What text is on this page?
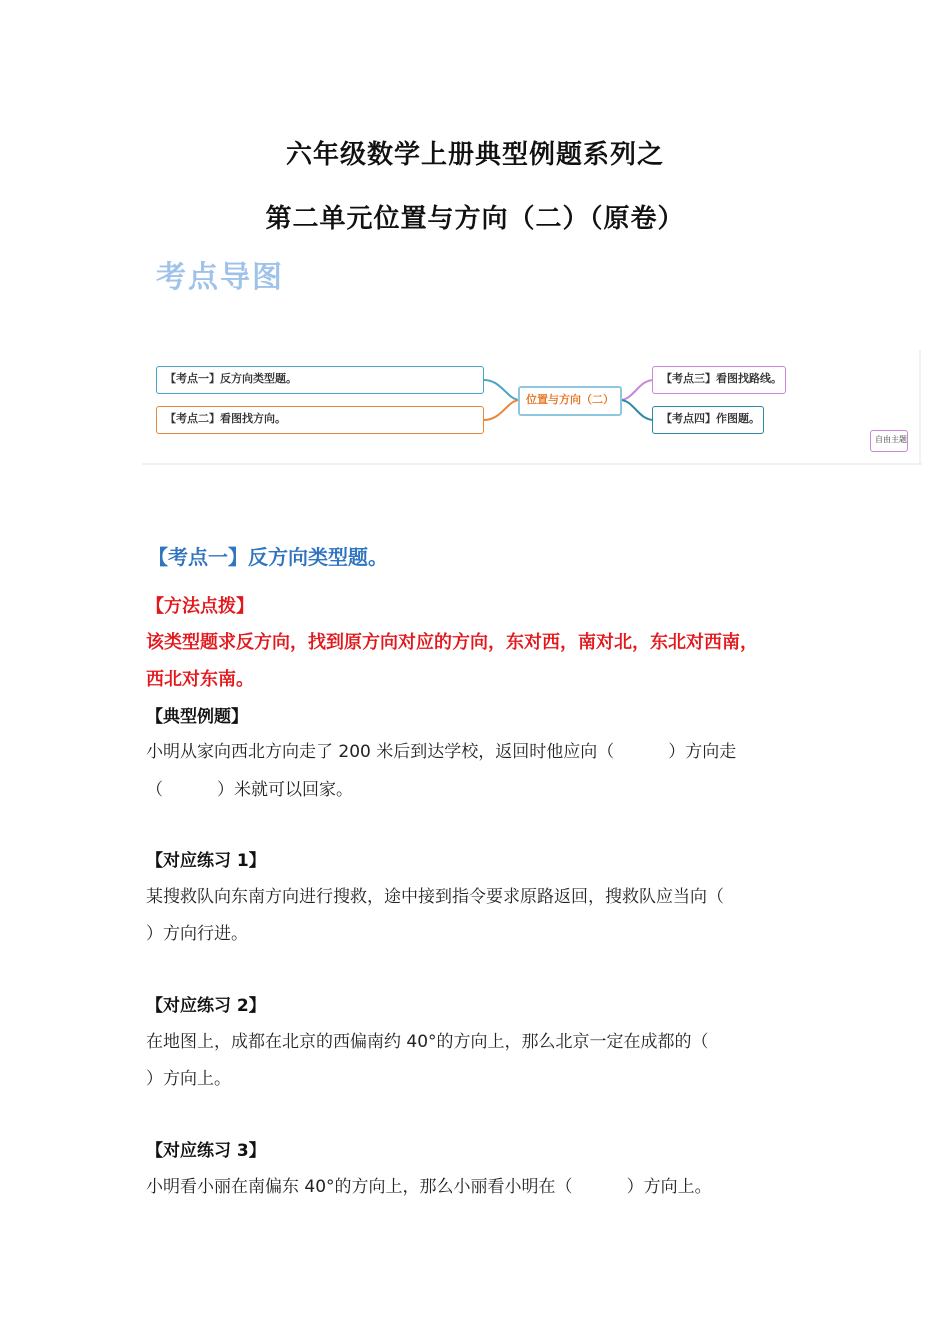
六年级数学上册典型例题系列之
第二单元位置与方向（二）（原卷）
考点导图
【考点一】反方向类型题。
【考点二】看图找方向。
位置与方向（二）
【考点三】看图找路线。
【考点四】作图题。
自由主题
【考点一】反方向类型题。
【方法点拨】
该类型题求反方向，找到原方向对应的方向，东对西，南对北，东北对西南，
西北对东南。
【典型例题】
小明从家向西北方向走了 200 米后到达学校，返回时他应向（          ）方向走
（          ）米就可以回家。
【对应练习 1】
某搜救队向东南方向进行搜救，途中接到指令要求原路返回，搜救队应当向（
）方向行进。
【对应练习 2】
在地图上，成都在北京的西偏南约 40°的方向上，那么北京一定在成都的（
）方向上。
【对应练习 3】
小明看小丽在南偏东 40°的方向上，那么小丽看小明在（          ）方向上。
